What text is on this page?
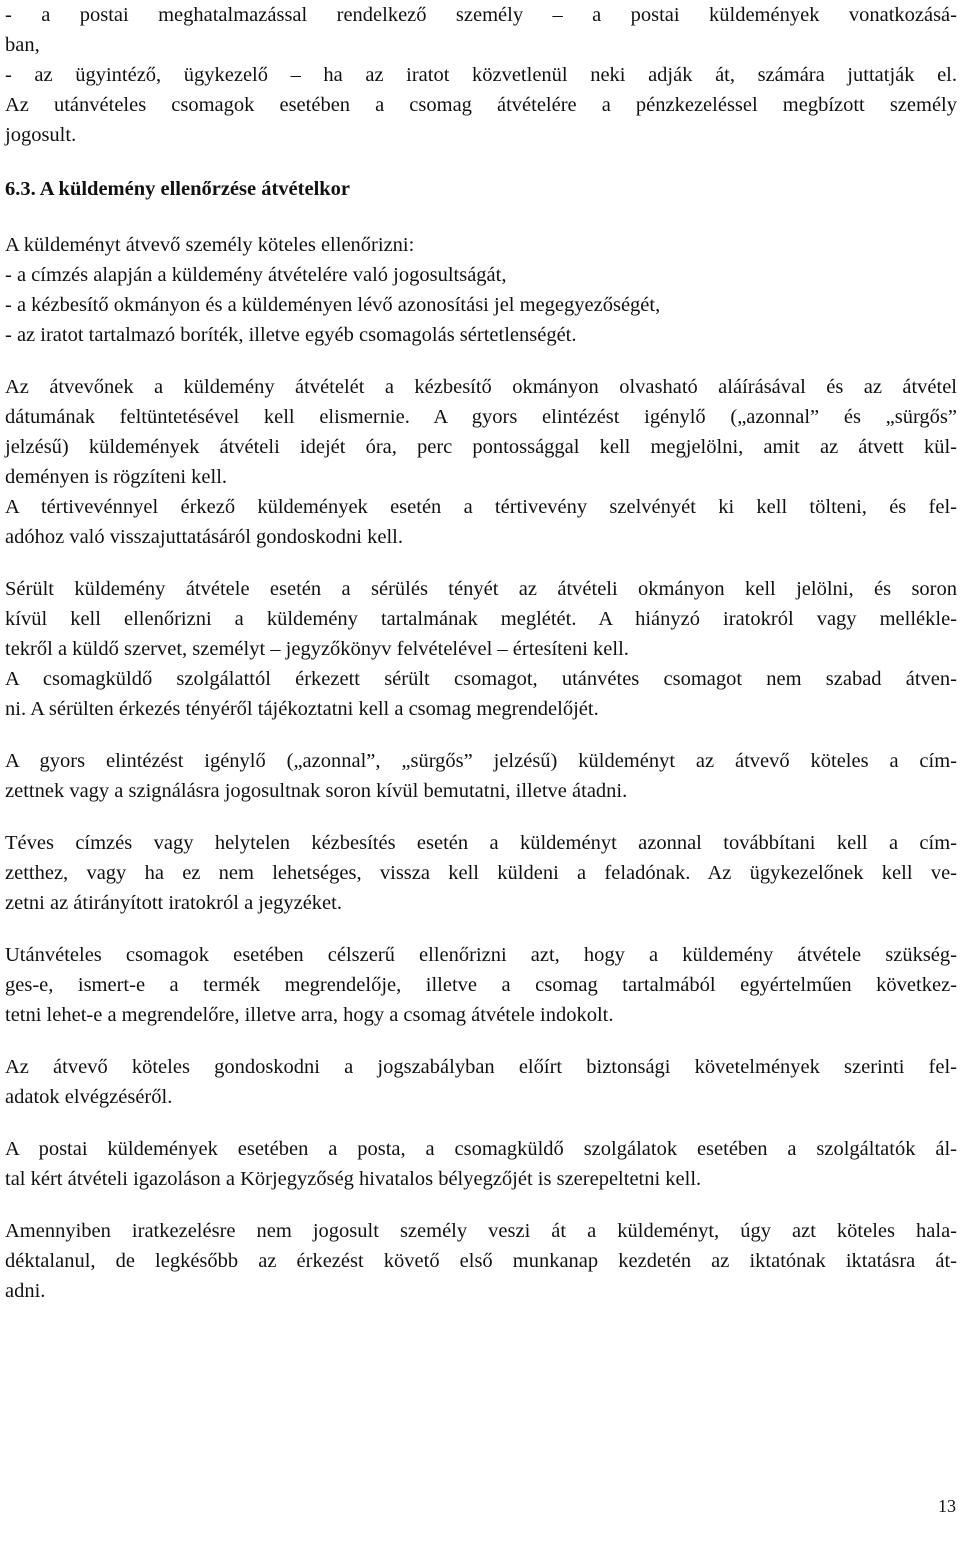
- a postai meghatalmazással rendelkező személy – a postai küldemények vonatkozásá-
ban,
- az ügyintéző, ügykezelő – ha az iratot közvetlenül neki adják át, számára juttatják el.
Az utánvételes csomagok esetében a csomag átvételére a pénzkezeléssel megbízott személy
jogosult.
6.3. A küldemény ellenőrzése átvételkor
A küldeményt átvevő személy köteles ellenőrizni:
- a címzés alapján a küldemény átvételére való jogosultságát,
- a kézbesítő okmányon és a küldeményen lévő azonosítási jel megegyezőségét,
- az iratot tartalmazó boríték, illetve egyéb csomagolás sértetlenségét.
Az átvevőnek a küldemény átvételét a kézbesítő okmányon olvasható aláírásával és az átvétel
dátumának feltüntetésével kell elismernie. A gyors elintézést igénylő („azonnal” és „sürgős”
jelzésű) küldemények átvételi idejét óra, perc pontossággal kell megjelölni, amit az átvett kül-
deményen is rögzíteni kell.
A tértivevénnyel érkező küldemények esetén a tértivevény szelvényét ki kell tölteni, és fel-
adóhoz való visszajuttatásáról gondoskodni kell.
Sérült küldemény átvétele esetén a sérülés tényét az átvételi okmányon kell jelölni, és soron
kívül kell ellenőrizni a küldemény tartalmának meglétét. A hiányzó iratokról vagy mellékle-
tekről a küldő szervet, személyt – jegyzőkönyv felvételével – értesíteni kell.
A csomagküldő szolgálattól érkezett sérült csomagot, utánvétes csomagot nem szabad átven-
ni. A sérülten érkezés tényéről tájékoztatni kell a csomag megrendelőjét.
A gyors elintézést igénylő („azonnal”, „sürgős” jelzésű) küldeményt az átvevő köteles a cím-
zettnek vagy a szignálásra jogosultnak soron kívül bemutatni, illetve átadni.
Téves címzés vagy helytelen kézbesítés esetén a küldeményt azonnal továbbítani kell a cím-
zetthez, vagy ha ez nem lehetséges, vissza kell küldeni a feladónak. Az ügykezelőnek kell ve-
zetni az átirányított iratokról a jegyzéket.
Utánvételes csomagok esetében célszerű ellenőrizni azt, hogy a küldemény átvétele szükség-
ges-e, ismert-e a termék megrendelője, illetve a csomag tartalmából egyértelműen következ-
tetni lehet-e a megrendelőre, illetve arra, hogy a csomag átvétele indokolt.
Az átvevő köteles gondoskodni a jogszabályban előírt biztonsági követelmények szerinti fel-
adatok elvégzéséről.
A postai küldemények esetében a posta, a csomagküldő szolgálatok esetében a szolgáltatók ál-
tal kért átvételi igazoláson a Körjegyzőség hivatalos bélyegzőjét is szerepeltetni kell.
Amennyiben iratkezelésre nem jogosult személy veszi át a küldeményt, úgy azt köteles hala-
déktalanul, de legkésőbb az érkezést követő első munkanap kezdetén az iktatónak iktatásra át-
adni.
13
